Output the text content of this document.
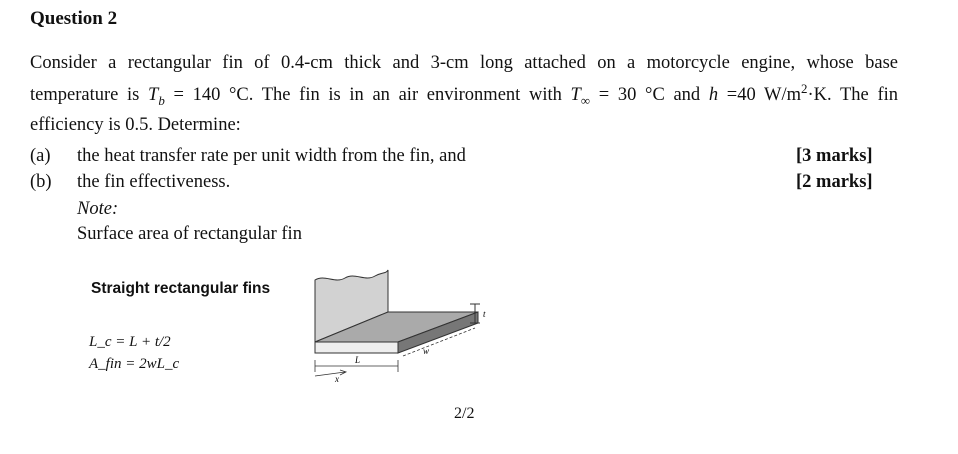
Question 2
Consider a rectangular fin of 0.4-cm thick and 3-cm long attached on a motorcycle engine, whose base
temperature is $T_b = 140$ °C. The fin is in an air environment with $T_\infty = 30$ °C and h =40 $W/m^2\cdot K$. The fin
efficiency is 0.5. Determine:
(a) the heat transfer rate per unit width from the fin, and	[3 marks]
(b) the fin effectiveness.	[2 marks]
Note:
Surface area of rectangular fin
Straight rectangular fins
L_c = L + t/2
A_fin = 2wL_c
t
w
L
x
2/2
